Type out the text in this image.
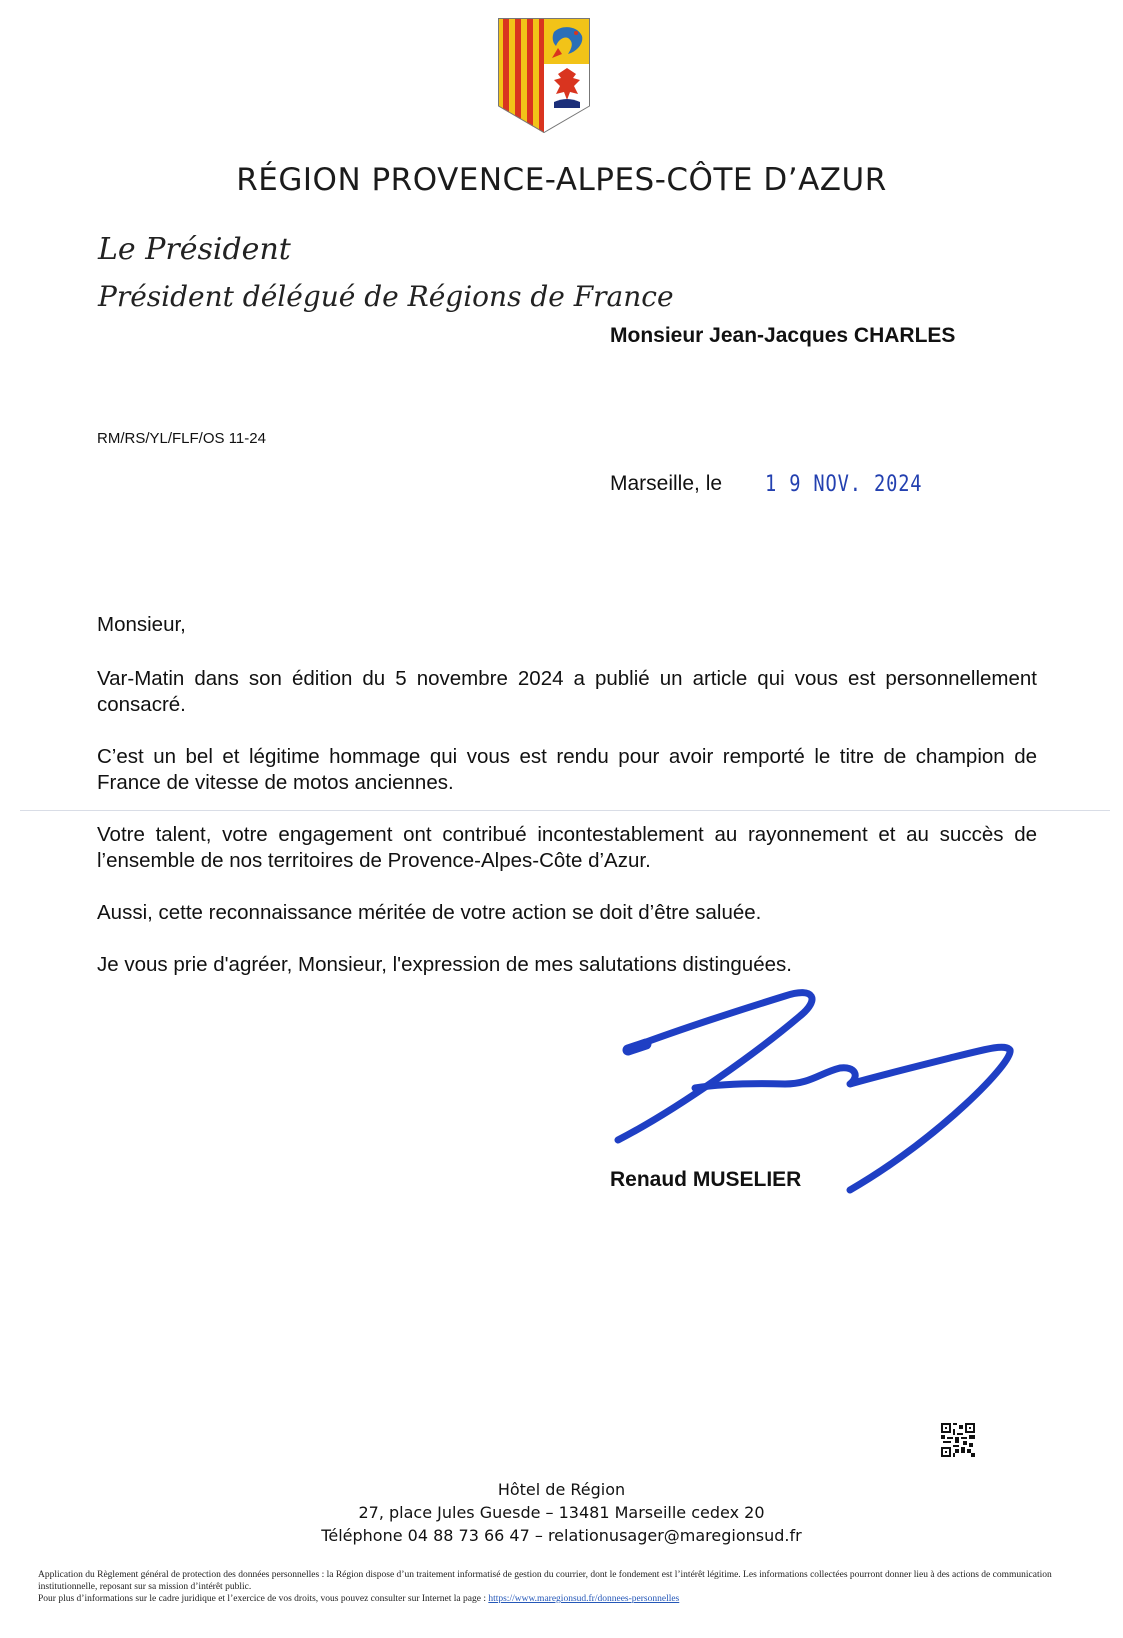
RÉGION PROVENCE-ALPES-CÔTE D’AZUR
Le Président
Président délégué de Régions de France
Monsieur Jean-Jacques CHARLES
RM/RS/YL/FLF/OS 11-24
Marseille, le 1 9 NOV. 2024

Monsieur,

Var-Matin dans son édition du 5 novembre 2024 a publié un article qui vous est personnellement consacré.

C’est un bel et légitime hommage qui vous est rendu pour avoir remporté le titre de champion de France de vitesse de motos anciennes.

Votre talent, votre engagement ont contribué incontestablement au rayonnement et au succès de l’ensemble de nos territoires de Provence-Alpes-Côte d’Azur.

Aussi, cette reconnaissance méritée de votre action se doit d’être saluée.

Je vous prie d'agréer, Monsieur, l'expression de mes salutations distinguées.

Renaud MUSELIER
Hôtel de Région
27, place Jules Guesde – 13481 Marseille cedex 20
Téléphone 04 88 73 66 47 – relationusager@maregionsud.fr
Application du Règlement général de protection des données personnelles : la Région dispose d’un traitement informatisé de gestion du courrier, dont le fondement est l’intérêt légitime. Les informations collectées pourront donner lieu à des actions de communication institutionnelle, reposant sur sa mission d’intérêt public.
Pour plus d’informations sur le cadre juridique et l’exercice de vos droits, vous pouvez consulter sur Internet la page : https://www.maregionsud.fr/donnees-personnelles
